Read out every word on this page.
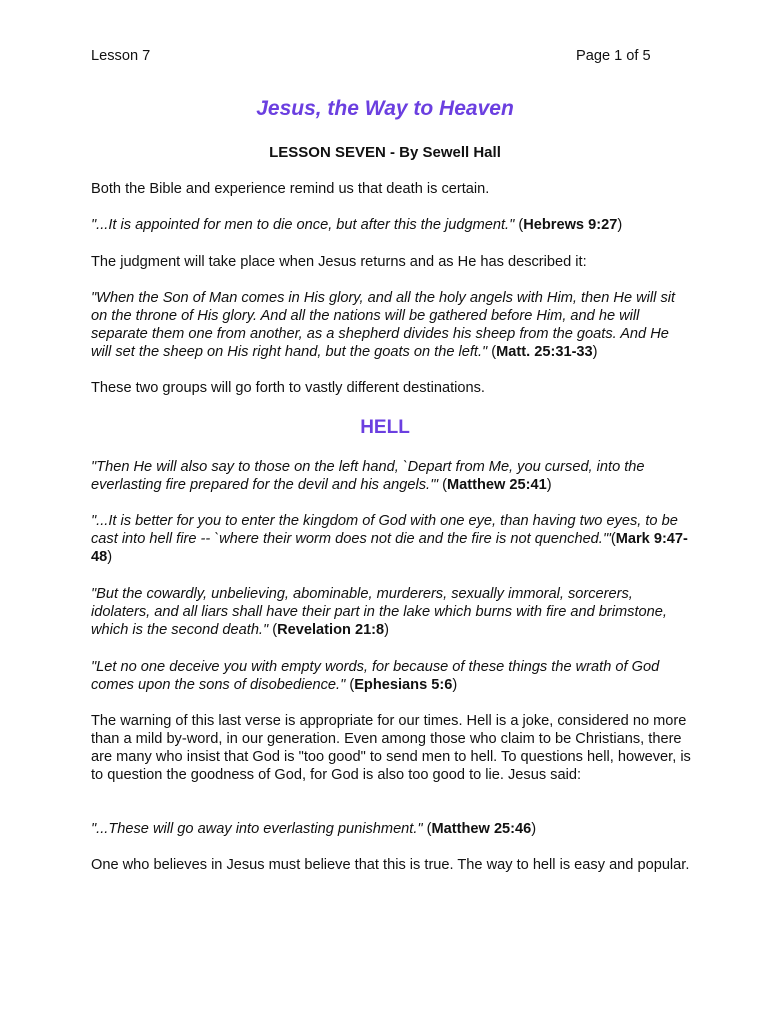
Lesson 7	Page 1 of 5
Jesus, the Way to Heaven
LESSON SEVEN - By Sewell Hall

Both the Bible and experience remind us that death is certain.

"...It is appointed for men to die once, but after this the judgment." (Hebrews 9:27)

The judgment will take place when Jesus returns and as He has described it:

"When the Son of Man comes in His glory, and all the holy angels with Him, then He will sit on the throne of His glory. And all the nations will be gathered before Him, and he will separate them one from another, as a shepherd divides his sheep from the goats. And He will set the sheep on His right hand, but the goats on the left." (Matt. 25:31-33)

These two groups will go forth to vastly different destinations.

HELL

"Then He will also say to those on the left hand, `Depart from Me, you cursed, into the everlasting fire prepared for the devil and his angels.'" (Matthew 25:41)

"...It is better for you to enter the kingdom of God with one eye, than having two eyes, to be cast into hell fire -- `where their worm does not die and the fire is not quenched.'"(Mark 9:47-48)

"But the cowardly, unbelieving, abominable, murderers, sexually immoral, sorcerers, idolaters, and all liars shall have their part in the lake which burns with fire and brimstone, which is the second death." (Revelation 21:8)

"Let no one deceive you with empty words, for because of these things the wrath of God comes upon the sons of disobedience." (Ephesians 5:6)

The warning of this last verse is appropriate for our times. Hell is a joke, considered no more than a mild by-word, in our generation. Even among those who claim to be Christians, there are many who insist that God is "too good" to send men to hell. To questions hell, however, is to question the goodness of God, for God is also too good to lie. Jesus said:

"...These will go away into everlasting punishment." (Matthew 25:46)

One who believes in Jesus must believe that this is true. The way to hell is easy and popular.
